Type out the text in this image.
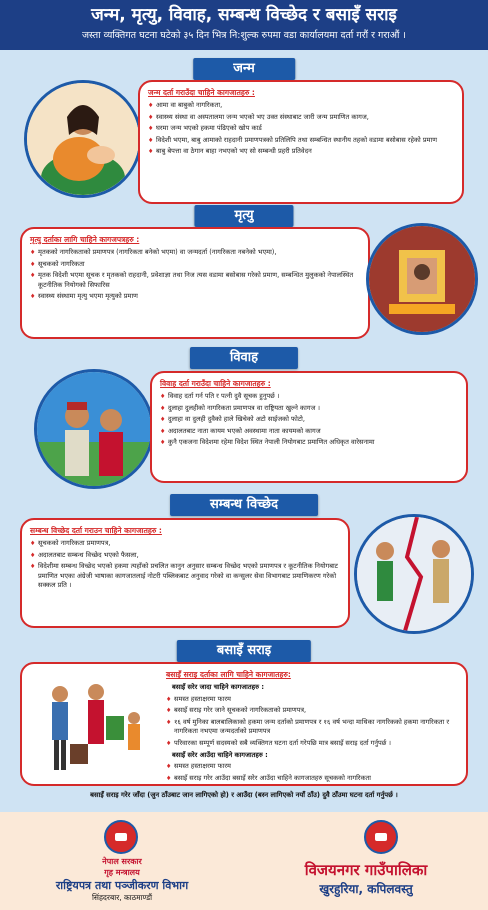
जन्म, मृत्यु, विवाह, सम्बन्ध विच्छेद र बसाइँ सराइ
जस्ता व्यक्तिगत घटना घटेको ३५ दिन भित्र नि:शुल्क रुपमा वडा कार्यालयमा दर्ता गरौं र गराऔं ।
जन्म
जन्म दर्ता गराउँदा चाहिने कागजातहरु :
♦ आमा वा बाबुको नागरिकता,
♦ स्वास्थ्य संस्था वा अस्पतालमा जन्म भएको भए उक्त संस्थाबाट जारी जन्म प्रमाणित कागज,
♦ घरमा जन्म भएको हकमा पंढिएको खोप कार्ड
♦ विदेशी भएमा, बाबु आमाको राहदानी प्रमाणपत्रको प्रतिलिपि तथा सम्बन्धित स्थानीय तहको वडामा बसोबास रहेको प्रमाण
♦ बाबु बेपत्ता वा ठेगान बाहा नभएको भए सो सम्बन्धी प्रहरी प्रतिवेदन
मृत्यु
मृत्यु दर्ताका लागि चाहिने कागजपत्रहरु :
♦ मृतकको नागरिकताको प्रमाणपत्र (नागरिकता बनेको भएमा) वा जन्मदर्ता (नागरिकता नबनेको भएमा),
♦ सूचकको नागरिकता
♦ मृतक विदेशी भएमा सूचक र मृतकको राहदानी, प्रवेशाज्ञा तथा निज त्यस वडामा बसोबास गरेको प्रमाण, सम्बन्धित मुलुकको नेपालस्थित कूटनीतिक नियोगको सिफारिस
♦ स्वास्थ्य संस्थामा मृत्यु भएमा मृत्युको प्रमाण
विवाह
विवाह दर्ता गराउँदा चाहिने कागजातहरु :
♦ विवाह दर्ता गर्न पति र पत्नी दुवै सूचक हुनुपर्छ ।
♦ दुलाहा दुलहीको नागरिकता प्रमाणपत्र वा राष्ट्रियता खुल्ने कागज ।
♦ दुलाहा वा दुलही दुवैको हाले खिचेको अटो साईजको फोटो,
♦ अदालतबाट नाता कायम भएको अवस्थामा नाता कायमको कागज
♦ कुनै एकजना विदेशमा रहेमा विदेश स्थित नेपाली नियोगबाट प्रमाणित अधिकृत वारेसनामा
सम्बन्ध विच्छेद
सम्बन्ध विच्छेद दर्ता गराउन चाहिने कागजातहरु :
♦ सूचकको नागरिकता प्रमाणपत्र,
♦ अदालतबाट सम्बन्ध विच्छेद भएको फैसला,
♦ विदेशीमा सम्बन्ध विच्छेद भएको हकमा त्यहाँको प्रचलित कानुन अनुसार सम्बन्ध विच्छेद भएको प्रमाणपत्र र कूटनीतिक नियोगबाट प्रमाणित भएका अंग्रेजी भाषाका कागजातलाई नोटरी पब्लिकबाट अनुवाद गरेको वा कन्सुलर सेवा विभागबाट प्रमाणिकरण गरेको सक्कल प्रति ।
बसाइँ सराइ
बसाइँ सराइ दर्ताका लागि चाहिने कागजातहरु:
बसाइँ सरेर जादा चाहिने कागजातहरु :
♦ समस्त हस्ताक्षरमा फारम
♦ बसाइँ सराइ गरेर जाने सूचकको नागरिकताको प्रमाणपत्र,
♦ १६ वर्ष मुनिका बालबालिकाको हकमा जन्म दर्ताको प्रमाणपत्र र १६ वर्ष भन्दा माथिका नागरिकको हकमा नागरिकता र नागरिकता नभएमा जन्मदर्ताको प्रमाणपत्र
♦ परिवारका सम्पूर्ण सदस्यको सबै व्यक्तिगत घटना दर्ता गरेपछि मात्र बसाइँ सराइ दर्ता गर्नुपर्छ ।
बसाइँ सरेर आउँदा चाहिने कागजातहरु :
♦ समस्त हस्ताक्षरमा फारम
♦ बसाइँ सराइ गरेर आउँदा बसाइँ सरेर आउँदा चाहिने कागजातहरु सूचकको नागरिकता
बसाइँ सराइ गरेर जाँदा (जुन ठाँउबाट जान लागिएको हो) र आउँदा (बस्न लागिएको नयाँ ठाँउ) दुवै ठाँउमा घटना दर्ता गर्नुपर्छ ।
नेपाल सरकार
गृह मन्त्रालय
राष्ट्रियपत्र तथा पञ्जीकरण विभाग
सिंहदरबार, काठमाण्डौं
विजयनगर गाउँपालिका
खुरहुरिया, कपिलवस्तु
